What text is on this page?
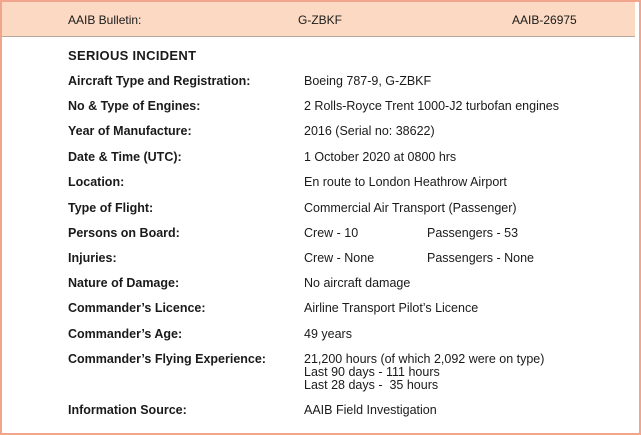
AAIB Bulletin:	G-ZBKF	AAIB-26975
SERIOUS INCIDENT
Aircraft Type and Registration:	Boeing 787-9, G-ZBKF
No & Type of Engines:	2 Rolls-Royce Trent 1000-J2 turbofan engines
Year of Manufacture:	2016 (Serial no: 38622)
Date & Time (UTC):	1 October 2020 at 0800 hrs
Location:	En route to London Heathrow Airport
Type of Flight:	Commercial Air Transport (Passenger)
Persons on Board:	Crew - 10	Passengers - 53
Injuries:	Crew - None	Passengers - None
Nature of Damage:	No aircraft damage
Commander’s Licence:	Airline Transport Pilot’s Licence
Commander’s Age:	49 years
Commander’s Flying Experience:	21,200 hours (of which 2,092 were on type)
Last 90 days - 111 hours
Last 28 days -  35 hours
Information Source:	AAIB Field Investigation
